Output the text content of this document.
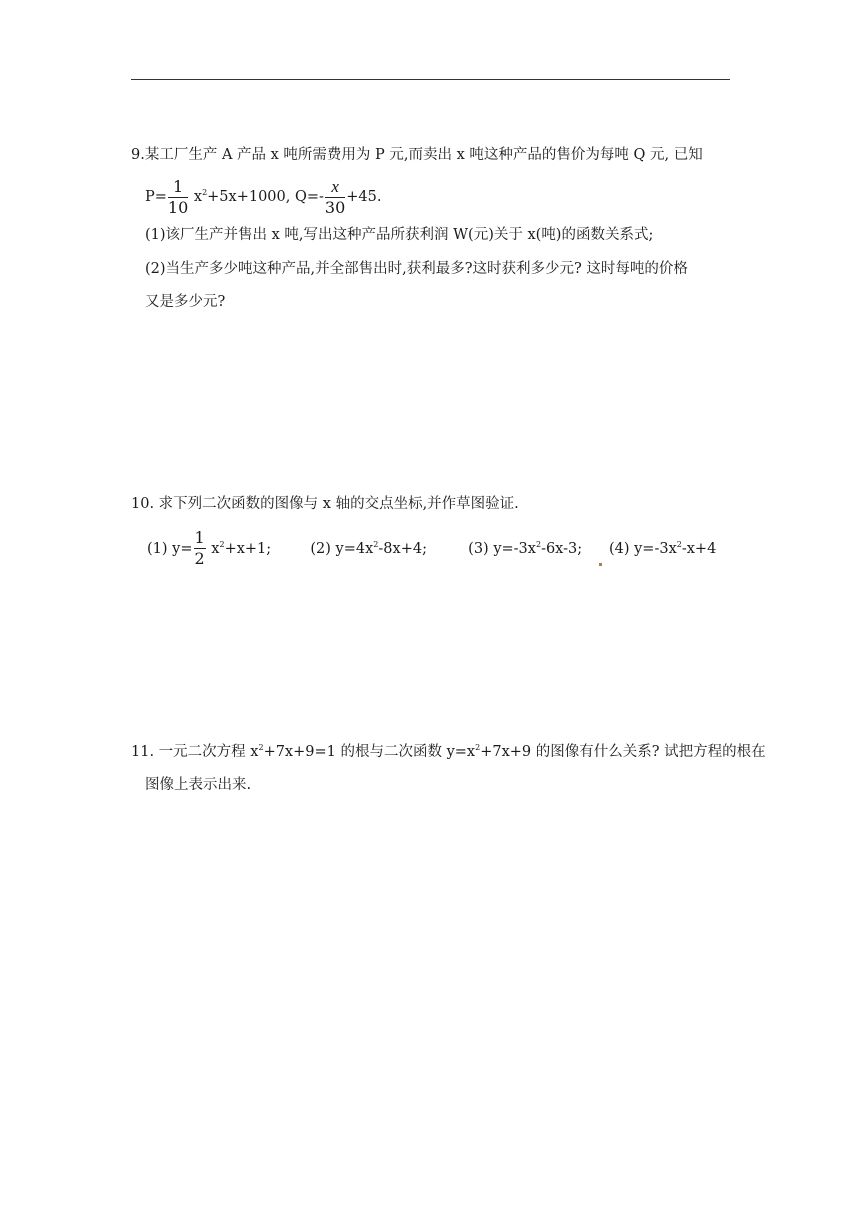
9.某工厂生产 A 产品 x 吨所需费用为 P 元,而卖出 x 吨这种产品的售价为每吨 Q 元, 已知
$P= \frac{1}{10} x^2+5x+1000$, $Q=- \frac{x}{30} +45$.
(1)该厂生产并售出 x 吨,写出这种产品所获利润 W(元)关于 x(吨)的函数关系式;
(2)当生产多少吨这种产品,并全部售出时,获利最多?这时获利多少元? 这时每吨的价格
又是多少元?
10. 求下列二次函数的图像与 x 轴的交点坐标,并作草图验证.
(1) $y= \frac{1}{2} x^2+x+1$;	(2) $y=4x^2-8x+4$;	(3) $y=-3x^2-6x-3$; (4) $y=-3x^2-x+4$
11. 一元二次方程 $x^2+7x+9=1$ 的根与二次函数 $y=x^2+7x+9$ 的图像有什么关系? 试把方程的根在
图像上表示出来.
